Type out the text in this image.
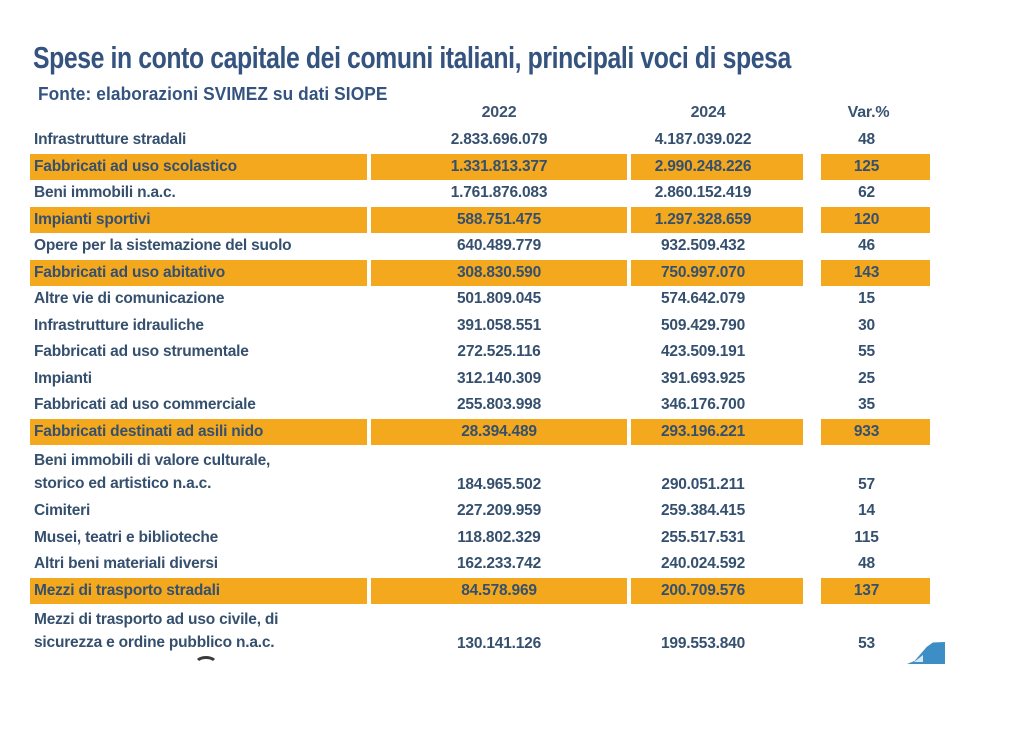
Spese in conto capitale dei comuni italiani, principali voci di spesa
Fonte: elaborazioni SVIMEZ su dati SIOPE
2022	2024	Var.%
Infrastrutture stradali	2.833.696.079	4.187.039.022	48
Fabbricati ad uso scolastico	1.331.813.377	2.990.248.226	125
Beni immobili n.a.c.	1.761.876.083	2.860.152.419	62
Impianti sportivi	588.751.475	1.297.328.659	120
Opere per la sistemazione del suolo	640.489.779	932.509.432	46
Fabbricati ad uso abitativo	308.830.590	750.997.070	143
Altre vie di comunicazione	501.809.045	574.642.079	15
Infrastrutture idrauliche	391.058.551	509.429.790	30
Fabbricati ad uso strumentale	272.525.116	423.509.191	55
Impianti	312.140.309	391.693.925	25
Fabbricati ad uso commerciale	255.803.998	346.176.700	35
Fabbricati destinati ad asili nido	28.394.489	293.196.221	933
Beni immobili di valore culturale,
storico ed artistico n.a.c.	184.965.502	290.051.211	57
Cimiteri	227.209.959	259.384.415	14
Musei, teatri e biblioteche	118.802.329	255.517.531	115
Altri beni materiali diversi	162.233.742	240.024.592	48
Mezzi di trasporto stradali	84.578.969	200.709.576	137
Mezzi di trasporto ad uso civile, di
sicurezza e ordine pubblico n.a.c.	130.141.126	199.553.840	53
